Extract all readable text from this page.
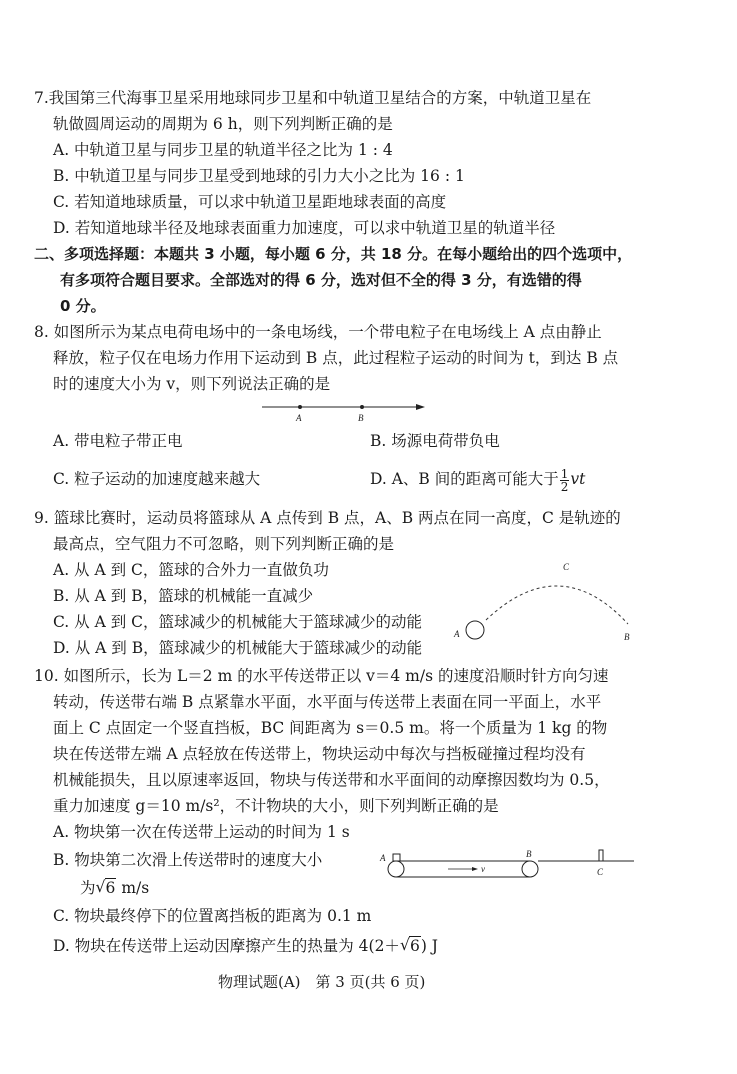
7.我国第三代海事卫星采用地球同步卫星和中轨道卫星结合的方案，中轨道卫星在
轨做圆周运动的周期为 6 h，则下列判断正确的是
A. 中轨道卫星与同步卫星的轨道半径之比为 1 : 4
B. 中轨道卫星与同步卫星受到地球的引力大小之比为 16 : 1
C. 若知道地球质量，可以求中轨道卫星距地球表面的高度
D. 若知道地球半径及地球表面重力加速度，可以求中轨道卫星的轨道半径
二、多项选择题：本题共 3 小题，每小题 6 分，共 18 分。在每小题给出的四个选项中，
有多项符合题目要求。全部选对的得 6 分，选对但不全的得 3 分，有选错的得
0 分。
8. 如图所示为某点电荷电场中的一条电场线，一个带电粒子在电场线上 A 点由静止
释放，粒子仅在电场力作用下运动到 B 点，此过程粒子运动的时间为 t，到达 B 点
时的速度大小为 v，则下列说法正确的是
A	B
A. 带电粒子带正电	B. 场源电荷带负电
C. 粒子运动的加速度越来越大	D. A、B 间的距离可能大于 $\frac{1}{2}$ vt
9. 篮球比赛时，运动员将篮球从 A 点传到 B 点，A、B 两点在同一高度，C 是轨迹的
最高点，空气阻力不可忽略，则下列判断正确的是
A. 从 A 到 C，篮球的合外力一直做负功
B. 从 A 到 B，篮球的机械能一直减少
C. 从 A 到 C，篮球减少的机械能大于篮球减少的动能
D. 从 A 到 B，篮球减少的机械能大于篮球减少的动能
A
C
B
10. 如图所示，长为 L＝2 m 的水平传送带正以 v＝4 m/s 的速度沿顺时针方向匀速
转动，传送带右端 B 点紧靠水平面，水平面与传送带上表面在同一平面上，水平
面上 C 点固定一个竖直挡板，BC 间距离为 s＝0.5 m。将一个质量为 1 kg 的物
块在传送带左端 A 点轻放在传送带上，物块运动中每次与挡板碰撞过程均没有
机械能损失，且以原速率返回，物块与传送带和水平面间的动摩擦因数均为 0.5，
重力加速度 g＝10 m/s²，不计物块的大小，则下列判断正确的是
A. 物块第一次在传送带上运动的时间为 1 s
B. 物块第二次滑上传送带时的速度大小
为 √ 6 m/s
C. 物块最终停下的位置离挡板的距离为 0.1 m
D. 物块在传送带上运动因摩擦产生的热量为 4(2＋ √ 6) J
A
v
B
C
物理试题(A)　第 3 页(共 6 页)
